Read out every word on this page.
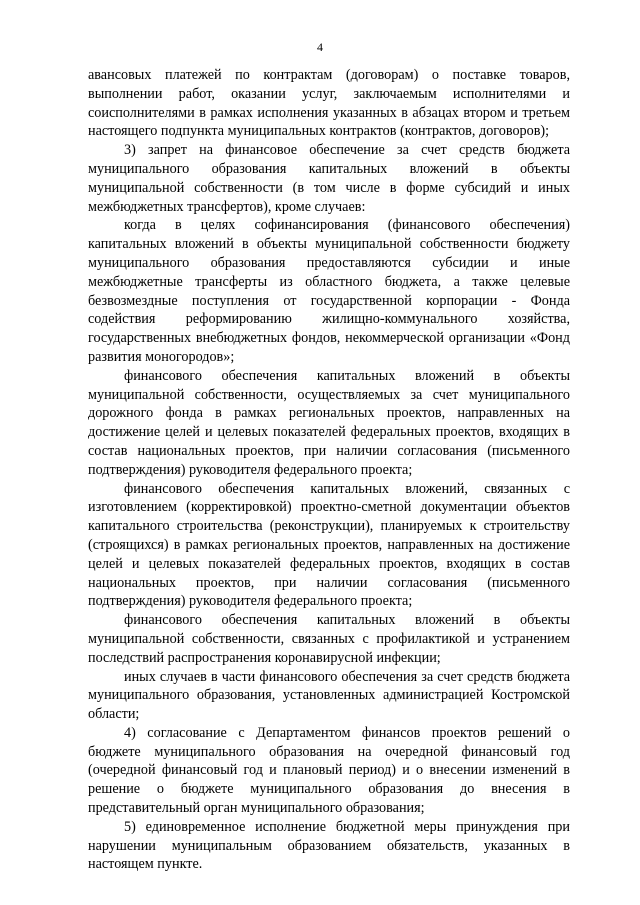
4

авансовых платежей по контрактам (договорам) о поставке товаров, выполнении работ, оказании услуг, заключаемым исполнителями и соисполнителями в рамках исполнения указанных в абзацах втором и третьем настоящего подпункта муниципальных контрактов (контрактов, договоров);

3) запрет на финансовое обеспечение за счет средств бюджета муниципального образования капитальных вложений в объекты муниципальной собственности (в том числе в форме субсидий и иных межбюджетных трансфертов), кроме случаев:

когда в целях софинансирования (финансового обеспечения) капитальных вложений в объекты муниципальной собственности бюджету муниципального образования предоставляются субсидии и иные межбюджетные трансферты из областного бюджета, а также целевые безвозмездные поступления от государственной корпорации - Фонда содействия реформированию жилищно-коммунального хозяйства, государственных внебюджетных фондов, некоммерческой организации «Фонд развития моногородов»;

финансового обеспечения капитальных вложений в объекты муниципальной собственности, осуществляемых за счет муниципального дорожного фонда в рамках региональных проектов, направленных на достижение целей и целевых показателей федеральных проектов, входящих в состав национальных проектов, при наличии согласования (письменного подтверждения) руководителя федерального проекта;

финансового обеспечения капитальных вложений, связанных с изготовлением (корректировкой) проектно-сметной документации объектов капитального строительства (реконструкции), планируемых к строительству (строящихся) в рамках региональных проектов, направленных на достижение целей и целевых показателей федеральных проектов, входящих в состав национальных проектов, при наличии согласования (письменного подтверждения) руководителя федерального проекта;

финансового обеспечения капитальных вложений в объекты муниципальной собственности, связанных с профилактикой и устранением последствий распространения коронавирусной инфекции;

иных случаев в части финансового обеспечения за счет средств бюджета муниципального образования, установленных администрацией Костромской области;

4) согласование с Департаментом финансов проектов решений о бюджете муниципального образования на очередной финансовый год (очередной финансовый год и плановый период) и о внесении изменений в решение о бюджете муниципального образования до внесения в представительный орган муниципального образования;

5) единовременное исполнение бюджетной меры принуждения при нарушении муниципальным образованием обязательств, указанных в настоящем пункте.
